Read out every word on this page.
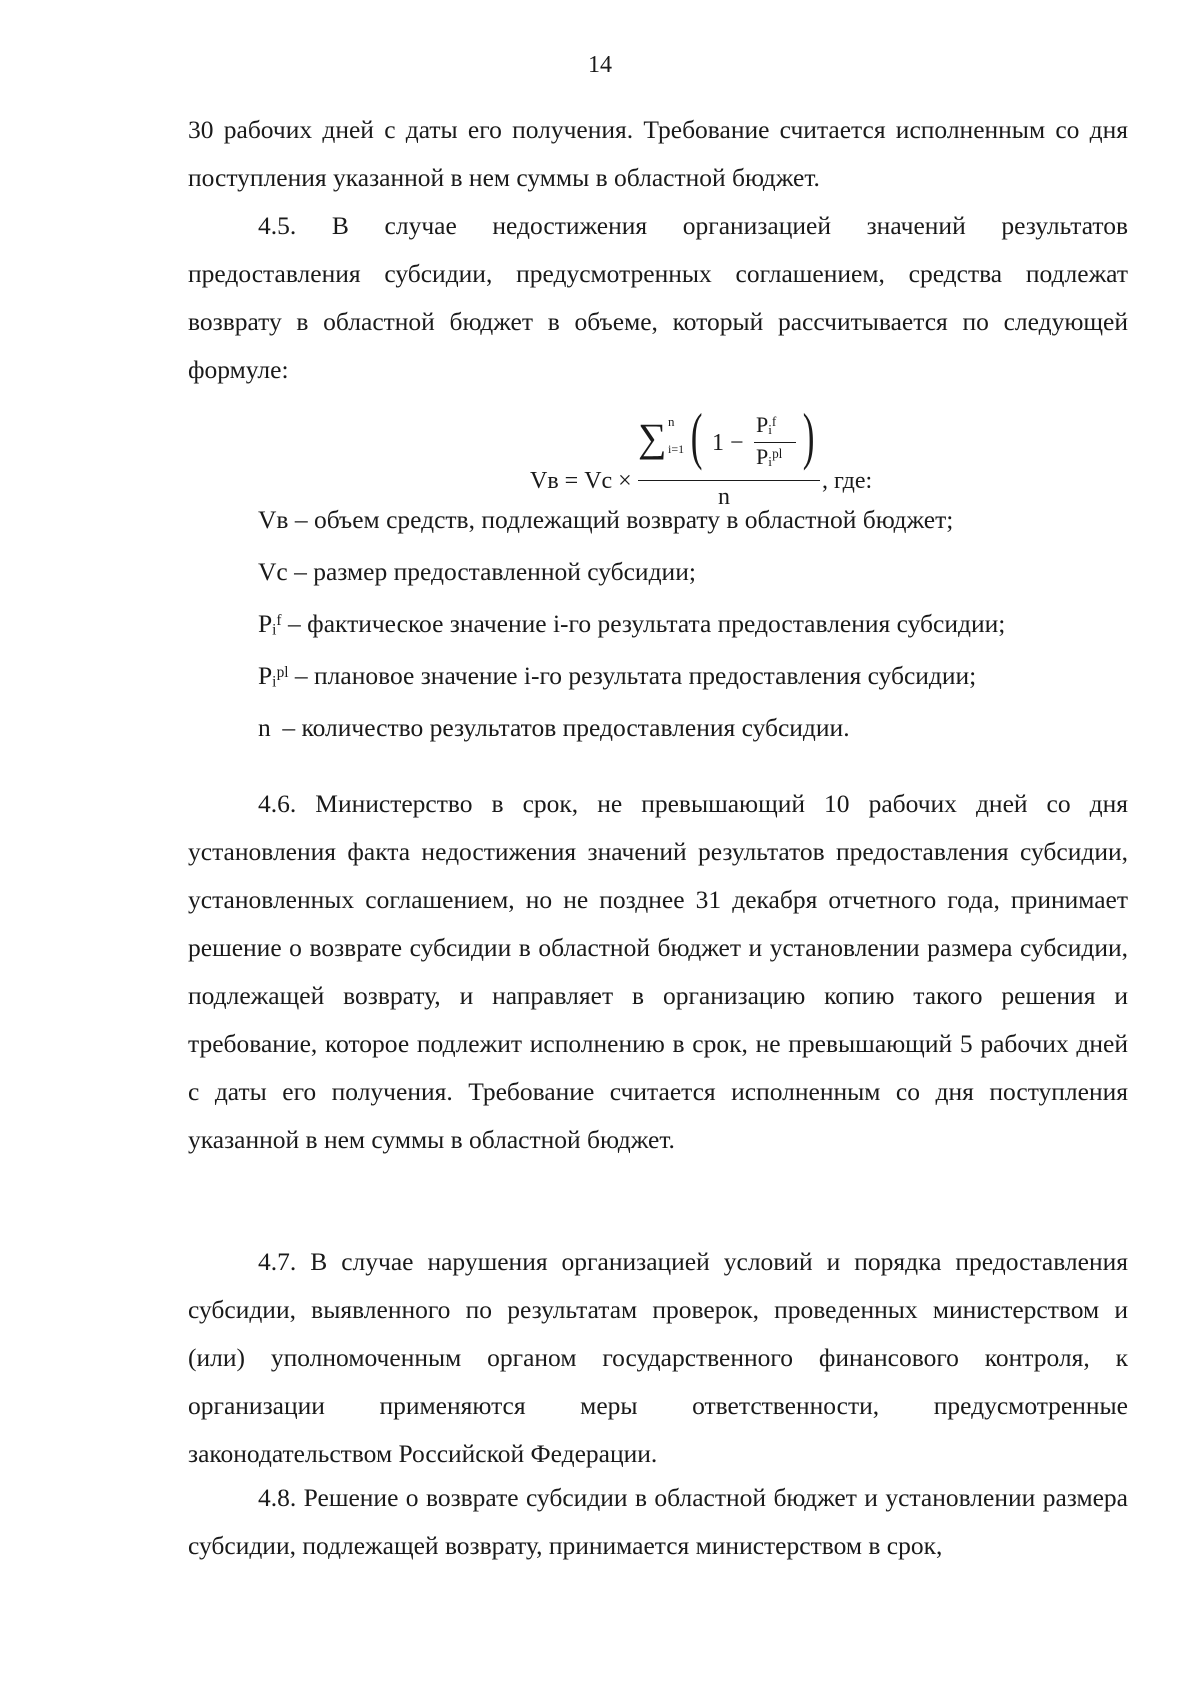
14

30 рабочих дней с даты его получения. Требование считается исполненным со дня поступления указанной в нем суммы в областной бюджет.

4.5. В случае недостижения организацией значений результатов предоставления субсидии, предусмотренных соглашением, средства подлежат возврату в областной бюджет в объеме, который рассчитывается по следующей формуле:

Vв = Vс ×
∑ n
i=1 ( 1 −
Pᵢᶠ
Pᵢᵖˡ )
n
, где:
Vв – объем средств, подлежащий возврату в областной бюджет;
Vс – размер предоставленной субсидии;
Pᵢᶠ – фактическое значение i-го результата предоставления субсидии;
Pᵢᵖˡ – плановое значение i-го результата предоставления субсидии;
n – количество результатов предоставления субсидии.

4.6. Министерство в срок, не превышающий 10 рабочих дней со дня установления факта недостижения значений результатов предоставления субсидии, установленных соглашением, но не позднее 31 декабря отчетного года, принимает решение о возврате субсидии в областной бюджет и установлении размера субсидии, подлежащей возврату, и направляет в организацию копию такого решения и требование, которое подлежит исполнению в срок, не превышающий 5 рабочих дней с даты его получения. Требование считается исполненным со дня поступления указанной в нем суммы в областной бюджет.

4.7. В случае нарушения организацией условий и порядка предоставления субсидии, выявленного по результатам проверок, проведенных министерством и (или) уполномоченным органом государственного финансового контроля, к организации применяются меры ответственности, предусмотренные законодательством Российской Федерации.

4.8. Решение о возврате субсидии в областной бюджет и установлении размера субсидии, подлежащей возврату, принимается министерством в срок,
